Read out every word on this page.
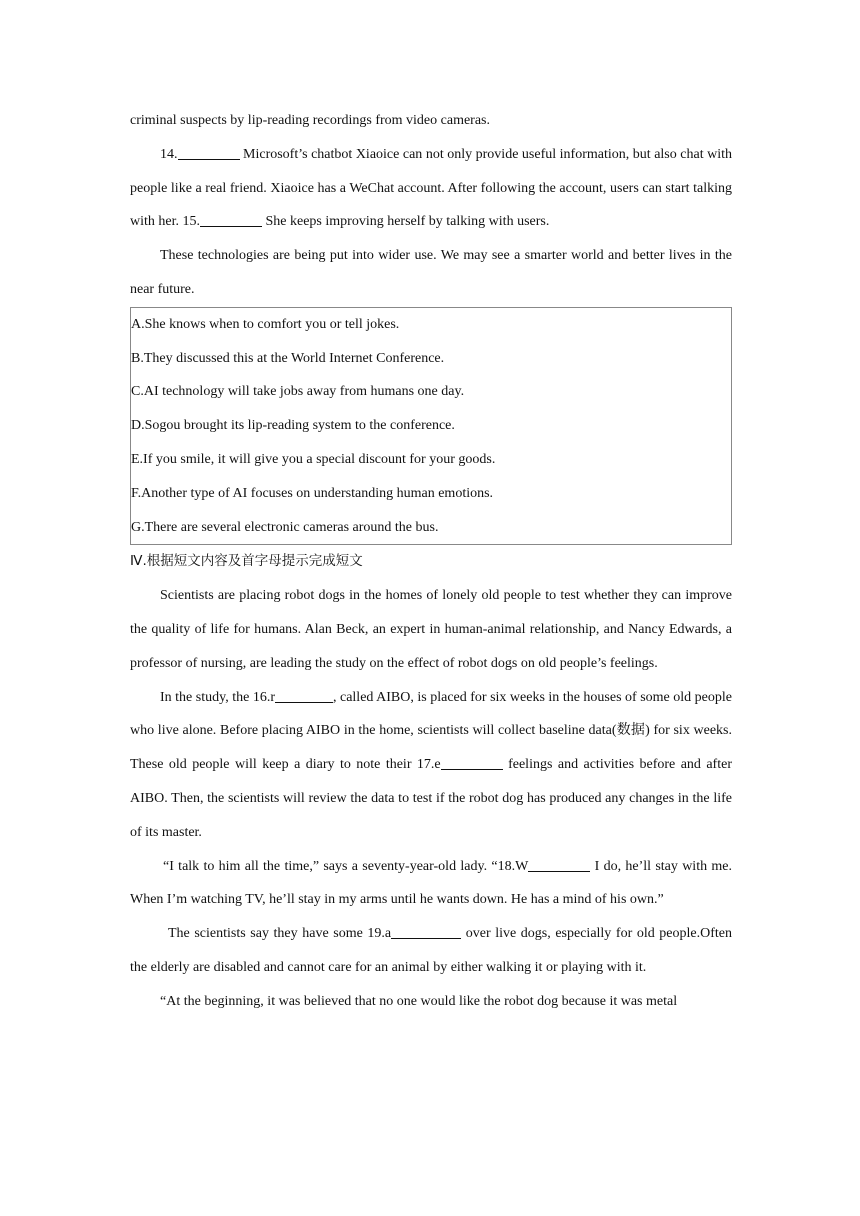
criminal suspects by lip-reading recordings from video cameras.

14.	Microsoft’s chatbot Xiaoice can not only provide useful information, but also chat with people like a real friend. Xiaoice has a WeChat account. After following the account, users can start talking with her. 15.	She keeps improving herself by talking with users.

These technologies are being put into wider use. We may see a smarter world and better lives in the near future.

A.She knows when to comfort you or tell jokes.

B.They discussed this at the World Internet Conference.

C.AI technology will take jobs away from humans one day.

D.Sogou brought its lip-reading system to the conference.

E.If you smile, it will give you a special discount for your goods.

F.Another type of AI focuses on understanding human emotions.

G.There are several electronic cameras around the bus.

Ⅳ.根据短文内容及首字母提示完成短文

Scientists are placing robot dogs in the homes of lonely old people to test whether they can improve the quality of life for humans. Alan Beck, an expert in human-animal relationship, and Nancy Edwards, a professor of nursing, are leading the study on the effect of robot dogs on old people’s feelings.

In the study, the 16.r	, called AIBO, is placed for six weeks in the houses of some old people who live alone. Before placing AIBO in the home, scientists will collect baseline data(数据) for six weeks. These old people will keep a diary to note their 17.e	feelings and activities before and after AIBO. Then, the scientists will review the data to test if the robot dog has produced any changes in the life of its master.

“I talk to him all the time,” says a seventy-year-old lady. “18.W	I do, he’ll stay with me. When I’m watching TV, he’ll stay in my arms until he wants down. He has a mind of his own.”

The scientists say they have some 19.a	over live dogs, especially for old people.Often the elderly are disabled and cannot care for an animal by either walking it or playing with it.

“At the beginning, it was believed that no one would like the robot dog because it was metal
